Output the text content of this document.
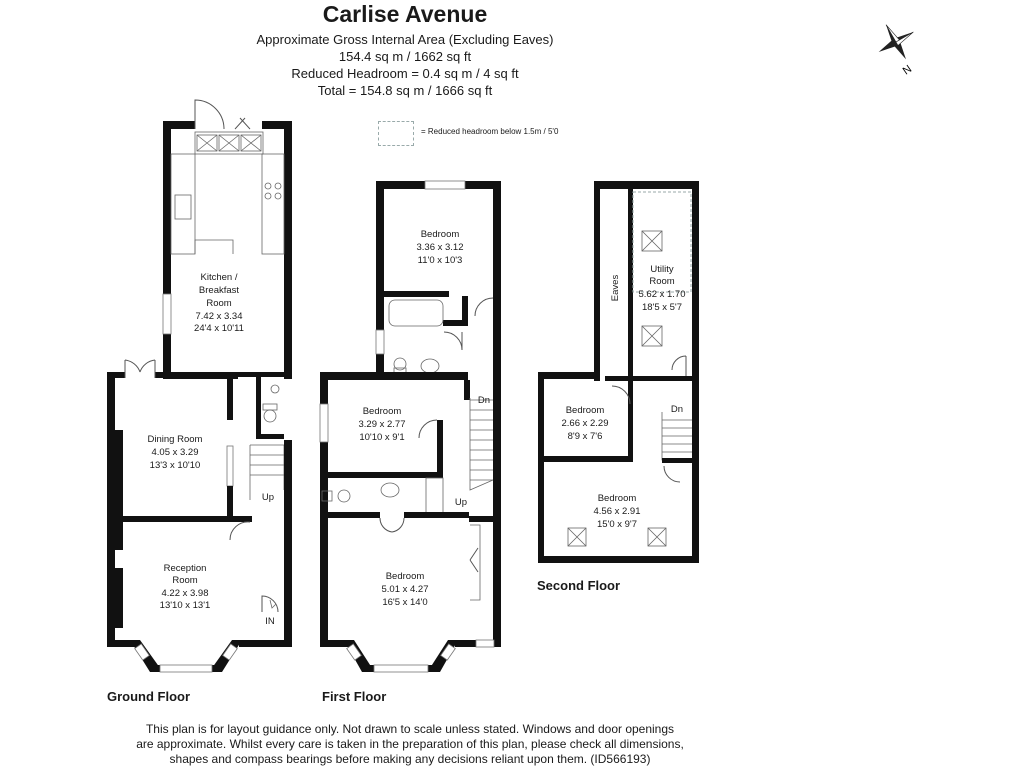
Carlise Avenue
Approximate Gross Internal Area (Excluding Eaves)
154.4 sq m / 1662 sq ft
Reduced Headroom = 0.4 sq m / 4 sq ft
Total = 154.8 sq m / 1666 sq ft
= Reduced headroom below 1.5m / 5'0
N
Kitchen /
Breakfast
Room
7.42 x 3.34
24'4 x 10'11
Dining Room
4.05 x 3.29
13'3 x 10'10
Reception
Room
4.22 x 3.98
13'10 x 13'1
Up
IN
Bedroom
3.36 x 3.12
11'0 x 10'3
Bedroom
3.29 x 2.77
10'10 x 9'1
Bedroom
5.01 x 4.27
16'5 x 14'0
Dn
Up
Eaves
Utility
Room
5.62 x 1.70
18'5 x 5'7
Bedroom
2.66 x 2.29
8'9 x 7'6
Bedroom
4.56 x 2.91
15'0 x 9'7
Dn
Ground Floor	First Floor
Second Floor
This plan is for layout guidance only. Not drawn to scale unless stated. Windows and door openings
are approximate. Whilst every care is taken in the preparation of this plan, please check all dimensions,
shapes and compass bearings before making any decisions reliant upon them. (ID566193)
